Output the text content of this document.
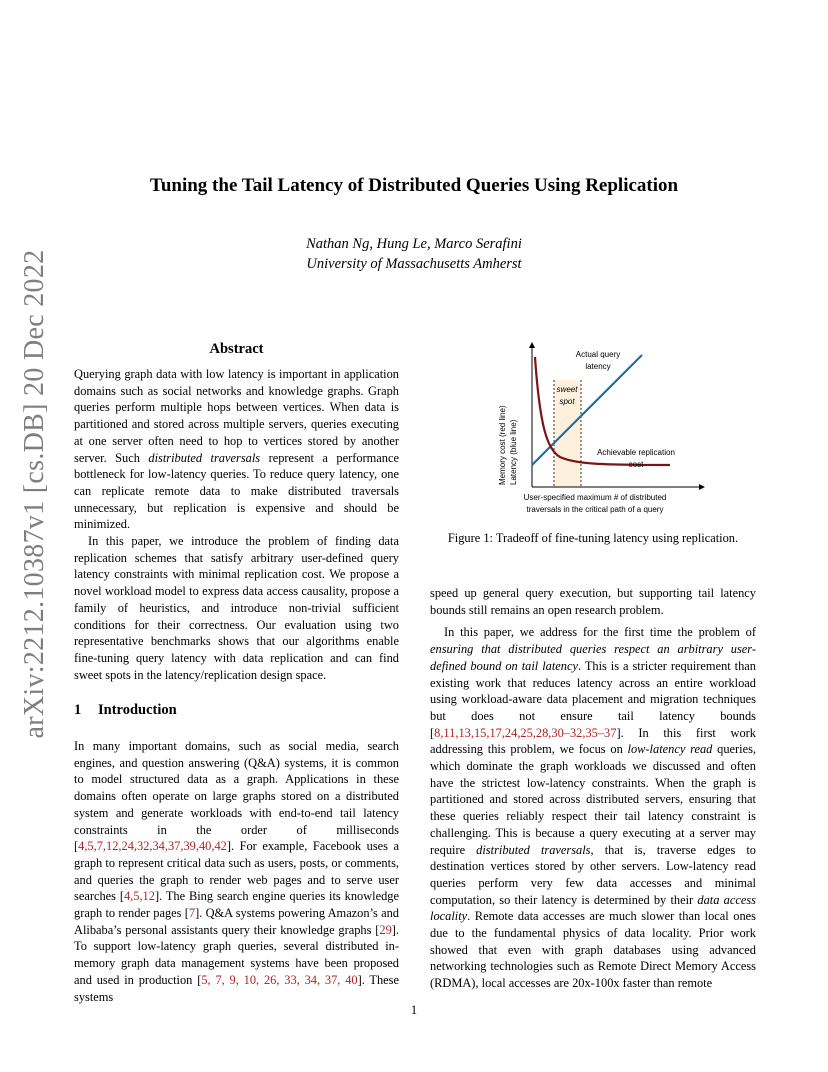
arXiv:2212.10387v1 [cs.DB] 20 Dec 2022
Tuning the Tail Latency of Distributed Queries Using Replication
Nathan Ng, Hung Le, Marco Serafini
University of Massachusetts Amherst
Abstract

Querying graph data with low latency is important in application domains such as social networks and knowledge graphs. Graph queries perform multiple hops between vertices. When data is partitioned and stored across multiple servers, queries executing at one server often need to hop to vertices stored by another server. Such distributed traversals represent a performance bottleneck for low-latency queries. To reduce query latency, one can replicate remote data to make distributed traversals unnecessary, but replication is expensive and should be minimized.

In this paper, we introduce the problem of finding data replication schemes that satisfy arbitrary user-defined query latency constraints with minimal replication cost. We propose a novel workload model to express data access causality, propose a family of heuristics, and introduce non-trivial sufficient conditions for their correctness. Our evaluation using two representative benchmarks shows that our algorithms enable fine-tuning query latency with data replication and can find sweet spots in the latency/replication design space.

1 Introduction

In many important domains, such as social media, search engines, and question answering (Q&A) systems, it is common to model structured data as a graph. Applications in these domains often operate on large graphs stored on a distributed system and generate workloads with end-to-end tail latency constraints in the order of milliseconds [4,5,7,12,24,32,34,37,39,40,42]. For example, Facebook uses a graph to represent critical data such as users, posts, or comments, and queries the graph to render web pages and to serve user searches [4,5,12]. The Bing search engine queries its knowledge graph to render pages [7]. Q&A systems powering Amazon’s and Alibaba’s personal assistants query their knowledge graphs [29]. To support low-latency graph queries, several distributed in-memory graph data management systems have been proposed and used in production [5, 7, 9, 10, 26, 33, 34, 37, 40]. These systems

Memory cost (red line) Latency (blue line)
Actual query
latency
sweet
spot
Achievable replication
cost
User-specified maximum # of distributed
traversals in the critical path of a query
Figure 1: Tradeoff of fine-tuning latency using replication.

speed up general query execution, but supporting tail latency bounds still remains an open research problem.

In this paper, we address for the first time the problem of ensuring that distributed queries respect an arbitrary user-defined bound on tail latency. This is a stricter requirement than existing work that reduces latency across an entire workload using workload-aware data placement and migration techniques but does not ensure tail latency bounds [8,11,13,15,17,24,25,28,30–32,35–37]. In this first work addressing this problem, we focus on low-latency read queries, which dominate the graph workloads we discussed and often have the strictest low-latency constraints. When the graph is partitioned and stored across distributed servers, ensuring that these queries reliably respect their tail latency constraint is challenging. This is because a query executing at a server may require distributed traversals, that is, traverse edges to destination vertices stored by other servers. Low-latency read queries perform very few data accesses and minimal computation, so their latency is determined by their data access locality. Remote data accesses are much slower than local ones due to the fundamental physics of data locality. Prior work showed that even with graph databases using advanced networking technologies such as Remote Direct Memory Access (RDMA), local accesses are 20x-100x faster than remote

1
